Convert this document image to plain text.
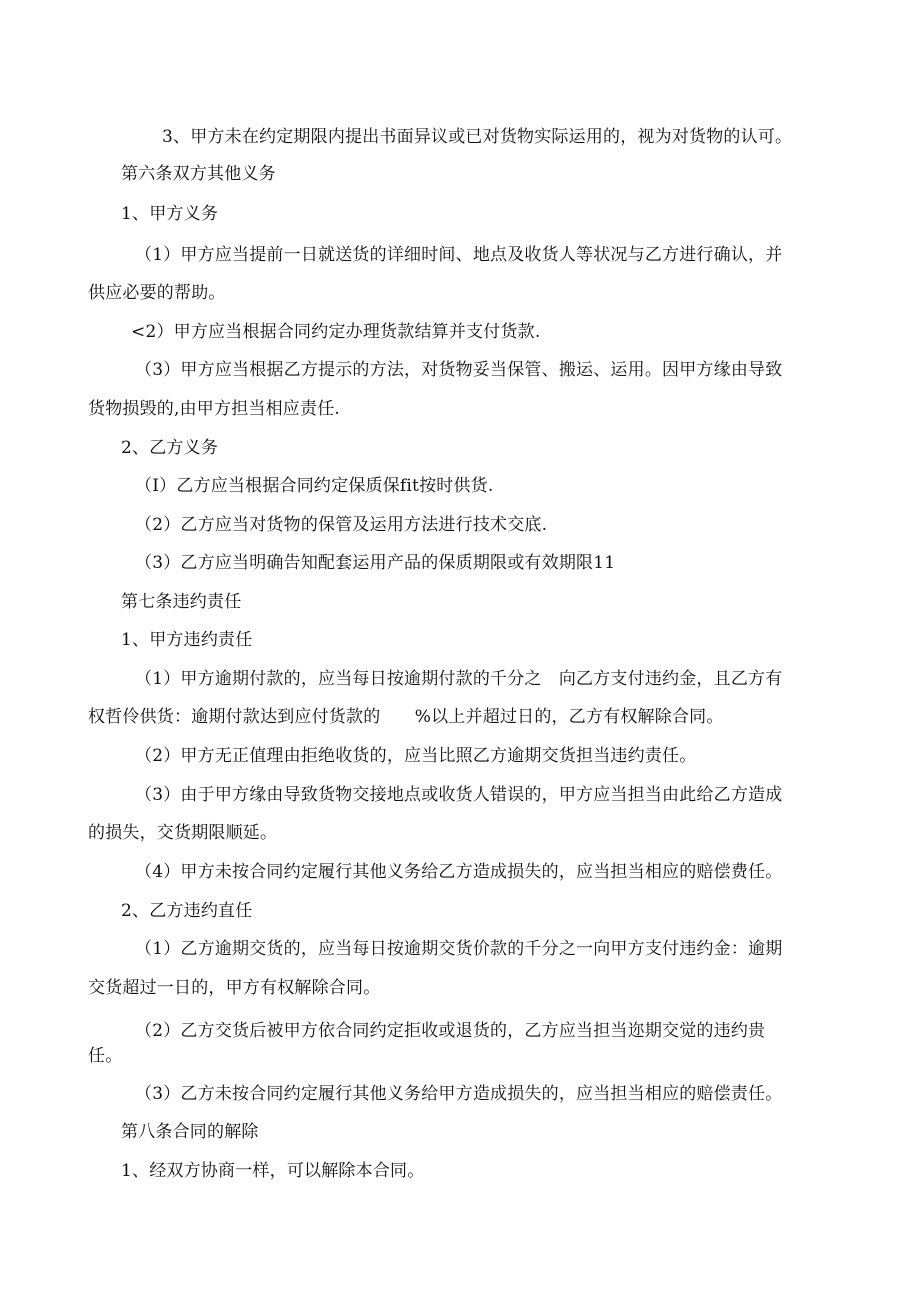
3、甲方未在约定期限内提出书面异议或已对货物实际运用的，视为对货物的认可。
第六条双方其他义务
1、甲方义务
（1）甲方应当提前一日就送货的详细时间、地点及收货人等状况与乙方进行确认，并
供应必要的帮助。
<2）甲方应当根据合同约定办理货款结算并支付货款.
（3）甲方应当根据乙方提示的方法，对货物妥当保管、搬运、运用。因甲方缘由导致
货物损毁的,由甲方担当相应责任.
2、乙方义务
（I）乙方应当根据合同约定保质保fit按时供货.
（2）乙方应当对货物的保管及运用方法进行技术交底.
（3）乙方应当明确告知配套运用产品的保质期限或有效期限11
第七条违约责任
1、甲方违约责任
（1）甲方逾期付款的，应当每日按逾期付款的千分之　向乙方支付违约金，且乙方有
权哲伶供货：逾期付款达到应付货款的　　%以上并超过日的，乙方有权解除合同。
（2）甲方无正值理由拒绝收货的，应当比照乙方逾期交货担当违约责任。
（3）由于甲方缘由导致货物交接地点或收货人错误的，甲方应当担当由此给乙方造成
的损失，交货期限顺延。
（4）甲方未按合同约定履行其他义务给乙方造成损失的，应当担当相应的赔偿费任。
2、乙方违约直任
（1）乙方逾期交货的，应当每日按逾期交货价款的千分之一向甲方支付违约金：逾期
交货超过一日的，甲方有权解除合同。
（2）乙方交货后被甲方依合同约定拒收或退货的，乙方应当担当迩期交觉的违约贵
任。
（3）乙方未按合同约定履行其他义务给甲方造成损失的，应当担当相应的赔偿责任。
第八条合同的解除
1、经双方协商一样，可以解除本合同。
